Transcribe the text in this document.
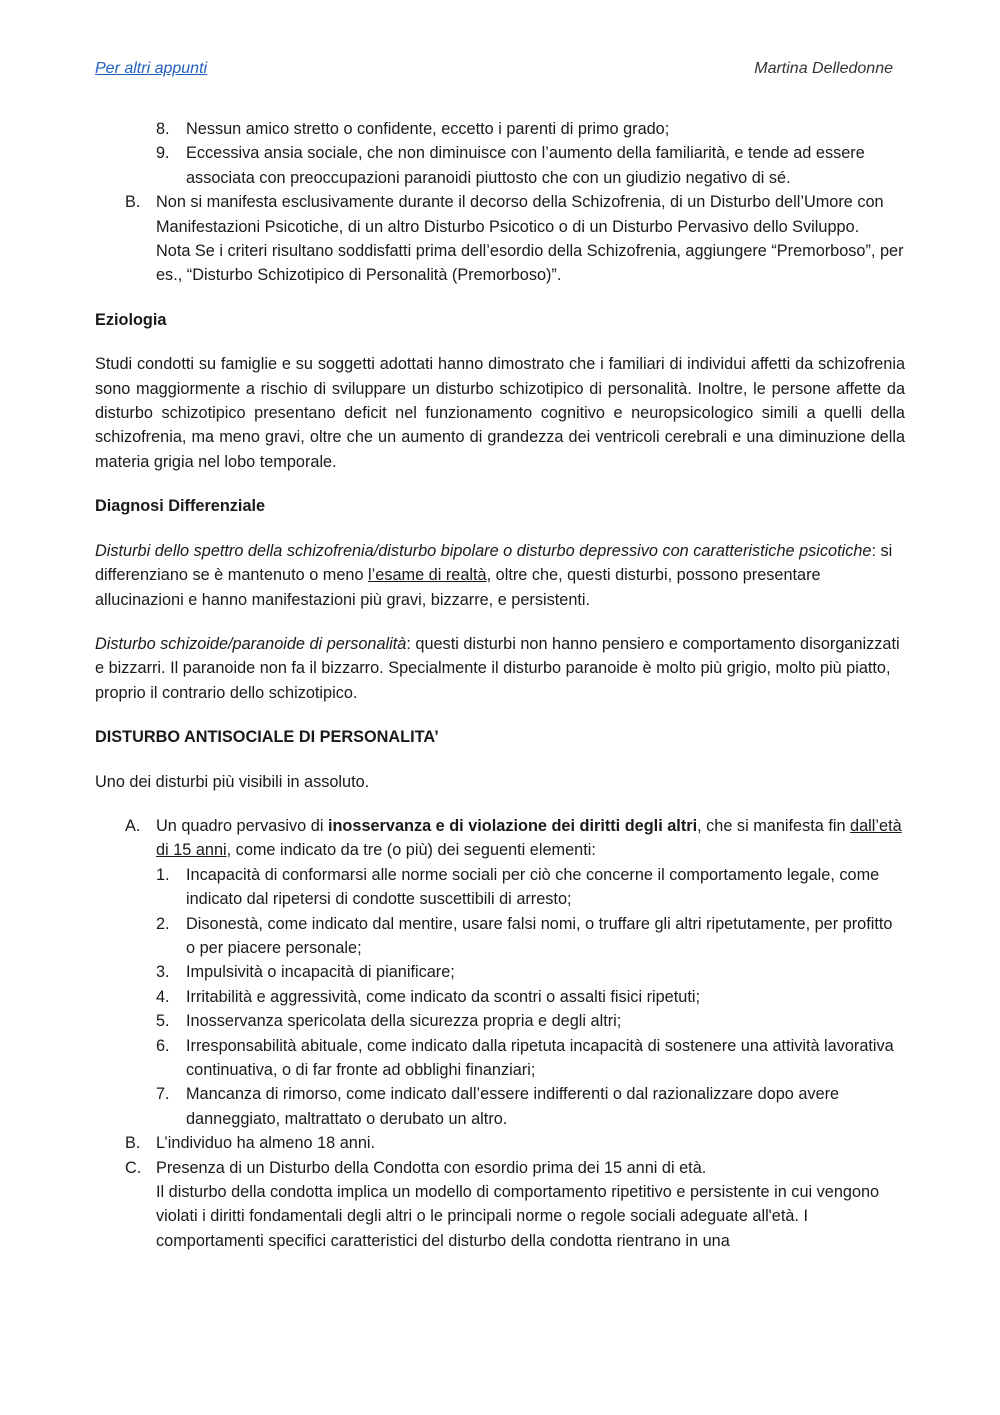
Per altri appunti	Martina Delledonne
8. Nessun amico stretto o confidente, eccetto i parenti di primo grado;
9. Eccessiva ansia sociale, che non diminuisce con l’aumento della familiarità, e tende ad essere associata con preoccupazioni paranoidi piuttosto che con un giudizio negativo di sé.
B. Non si manifesta esclusivamente durante il decorso della Schizofrenia, di un Disturbo dell’Umore con Manifestazioni Psicotiche, di un altro Disturbo Psicotico o di un Disturbo Pervasivo dello Sviluppo.

Nota Se i criteri risultano soddisfatti prima dell’esordio della Schizofrenia, aggiungere “Premorboso”, per es., “Disturbo Schizotipico di Personalità (Premorboso)”.

Eziologia

Studi condotti su famiglie e su soggetti adottati hanno dimostrato che i familiari di individui affetti da schizofrenia sono maggiormente a rischio di sviluppare un disturbo schizotipico di personalità. Inoltre, le persone affette da disturbo schizotipico presentano deficit nel funzionamento cognitivo e neuropsicologico simili a quelli della schizofrenia, ma meno gravi, oltre che un aumento di grandezza dei ventricoli cerebrali e una diminuzione della materia grigia nel lobo temporale.

Diagnosi Differenziale

Disturbi dello spettro della schizofrenia/disturbo bipolare o disturbo depressivo con caratteristiche psicotiche: si differenziano se è mantenuto o meno l’esame di realtà, oltre che, questi disturbi, possono presentare allucinazioni e hanno manifestazioni più gravi, bizzarre, e persistenti.

Disturbo schizoide/paranoide di personalità: questi disturbi non hanno pensiero e comportamento disorganizzati e bizzarri. Il paranoide non fa il bizzarro. Specialmente il disturbo paranoide è molto più grigio, molto più piatto, proprio il contrario dello schizotipico.

DISTURBO ANTISOCIALE DI PERSONALITA’

Uno dei disturbi più visibili in assoluto.

A. Un quadro pervasivo di inosservanza e di violazione dei diritti degli altri, che si manifesta fin dall’età di 15 anni, come indicato da tre (o più) dei seguenti elementi:
1. Incapacità di conformarsi alle norme sociali per ciò che concerne il comportamento legale, come indicato dal ripetersi di condotte suscettibili di arresto;
2. Disonestà, come indicato dal mentire, usare falsi nomi, o truffare gli altri ripetutamente, per profitto o per piacere personale;
3. Impulsività o incapacità di pianificare;
4. Irritabilità e aggressività, come indicato da scontri o assalti fisici ripetuti;
5. Inosservanza spericolata della sicurezza propria e degli altri;
6. Irresponsabilità abituale, come indicato dalla ripetuta incapacità di sostenere una attività lavorativa continuativa, o di far fronte ad obblighi finanziari;
7. Mancanza di rimorso, come indicato dall’essere indifferenti o dal razionalizzare dopo avere danneggiato, maltrattato o derubato un altro.
B. L’individuo ha almeno 18 anni.
C. Presenza di un Disturbo della Condotta con esordio prima dei 15 anni di età.

Il disturbo della condotta implica un modello di comportamento ripetitivo e persistente in cui vengono violati i diritti fondamentali degli altri o le principali norme o regole sociali adeguate all'età. I comportamenti specifici caratteristici del disturbo della condotta rientrano in una
